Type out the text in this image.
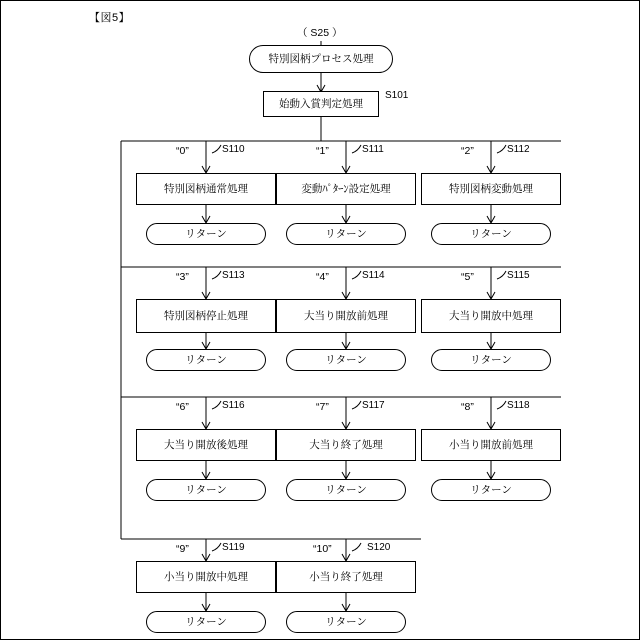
【図5】
（ S25 ）
特別図柄プロセス処理
始動入賞判定処理
S101
“0”	S110
特別図柄通常処理
リターン
“1”	S111
変動ﾊﾟﾀｰﾝ設定処理
リターン
“2”	S112
特別図柄変動処理
リターン
“3”	S113
特別図柄停止処理
リターン
“4”	S114
大当り開放前処理
リターン
“5”	S115
大当り開放中処理
リターン
“6”	S116
大当り開放後処理
リターン
“7”	S117
大当り終了処理
リターン
“8”	S118
小当り開放前処理
リターン
“9”	S119
小当り開放中処理
リターン
“10”	S120
小当り終了処理
リターン
